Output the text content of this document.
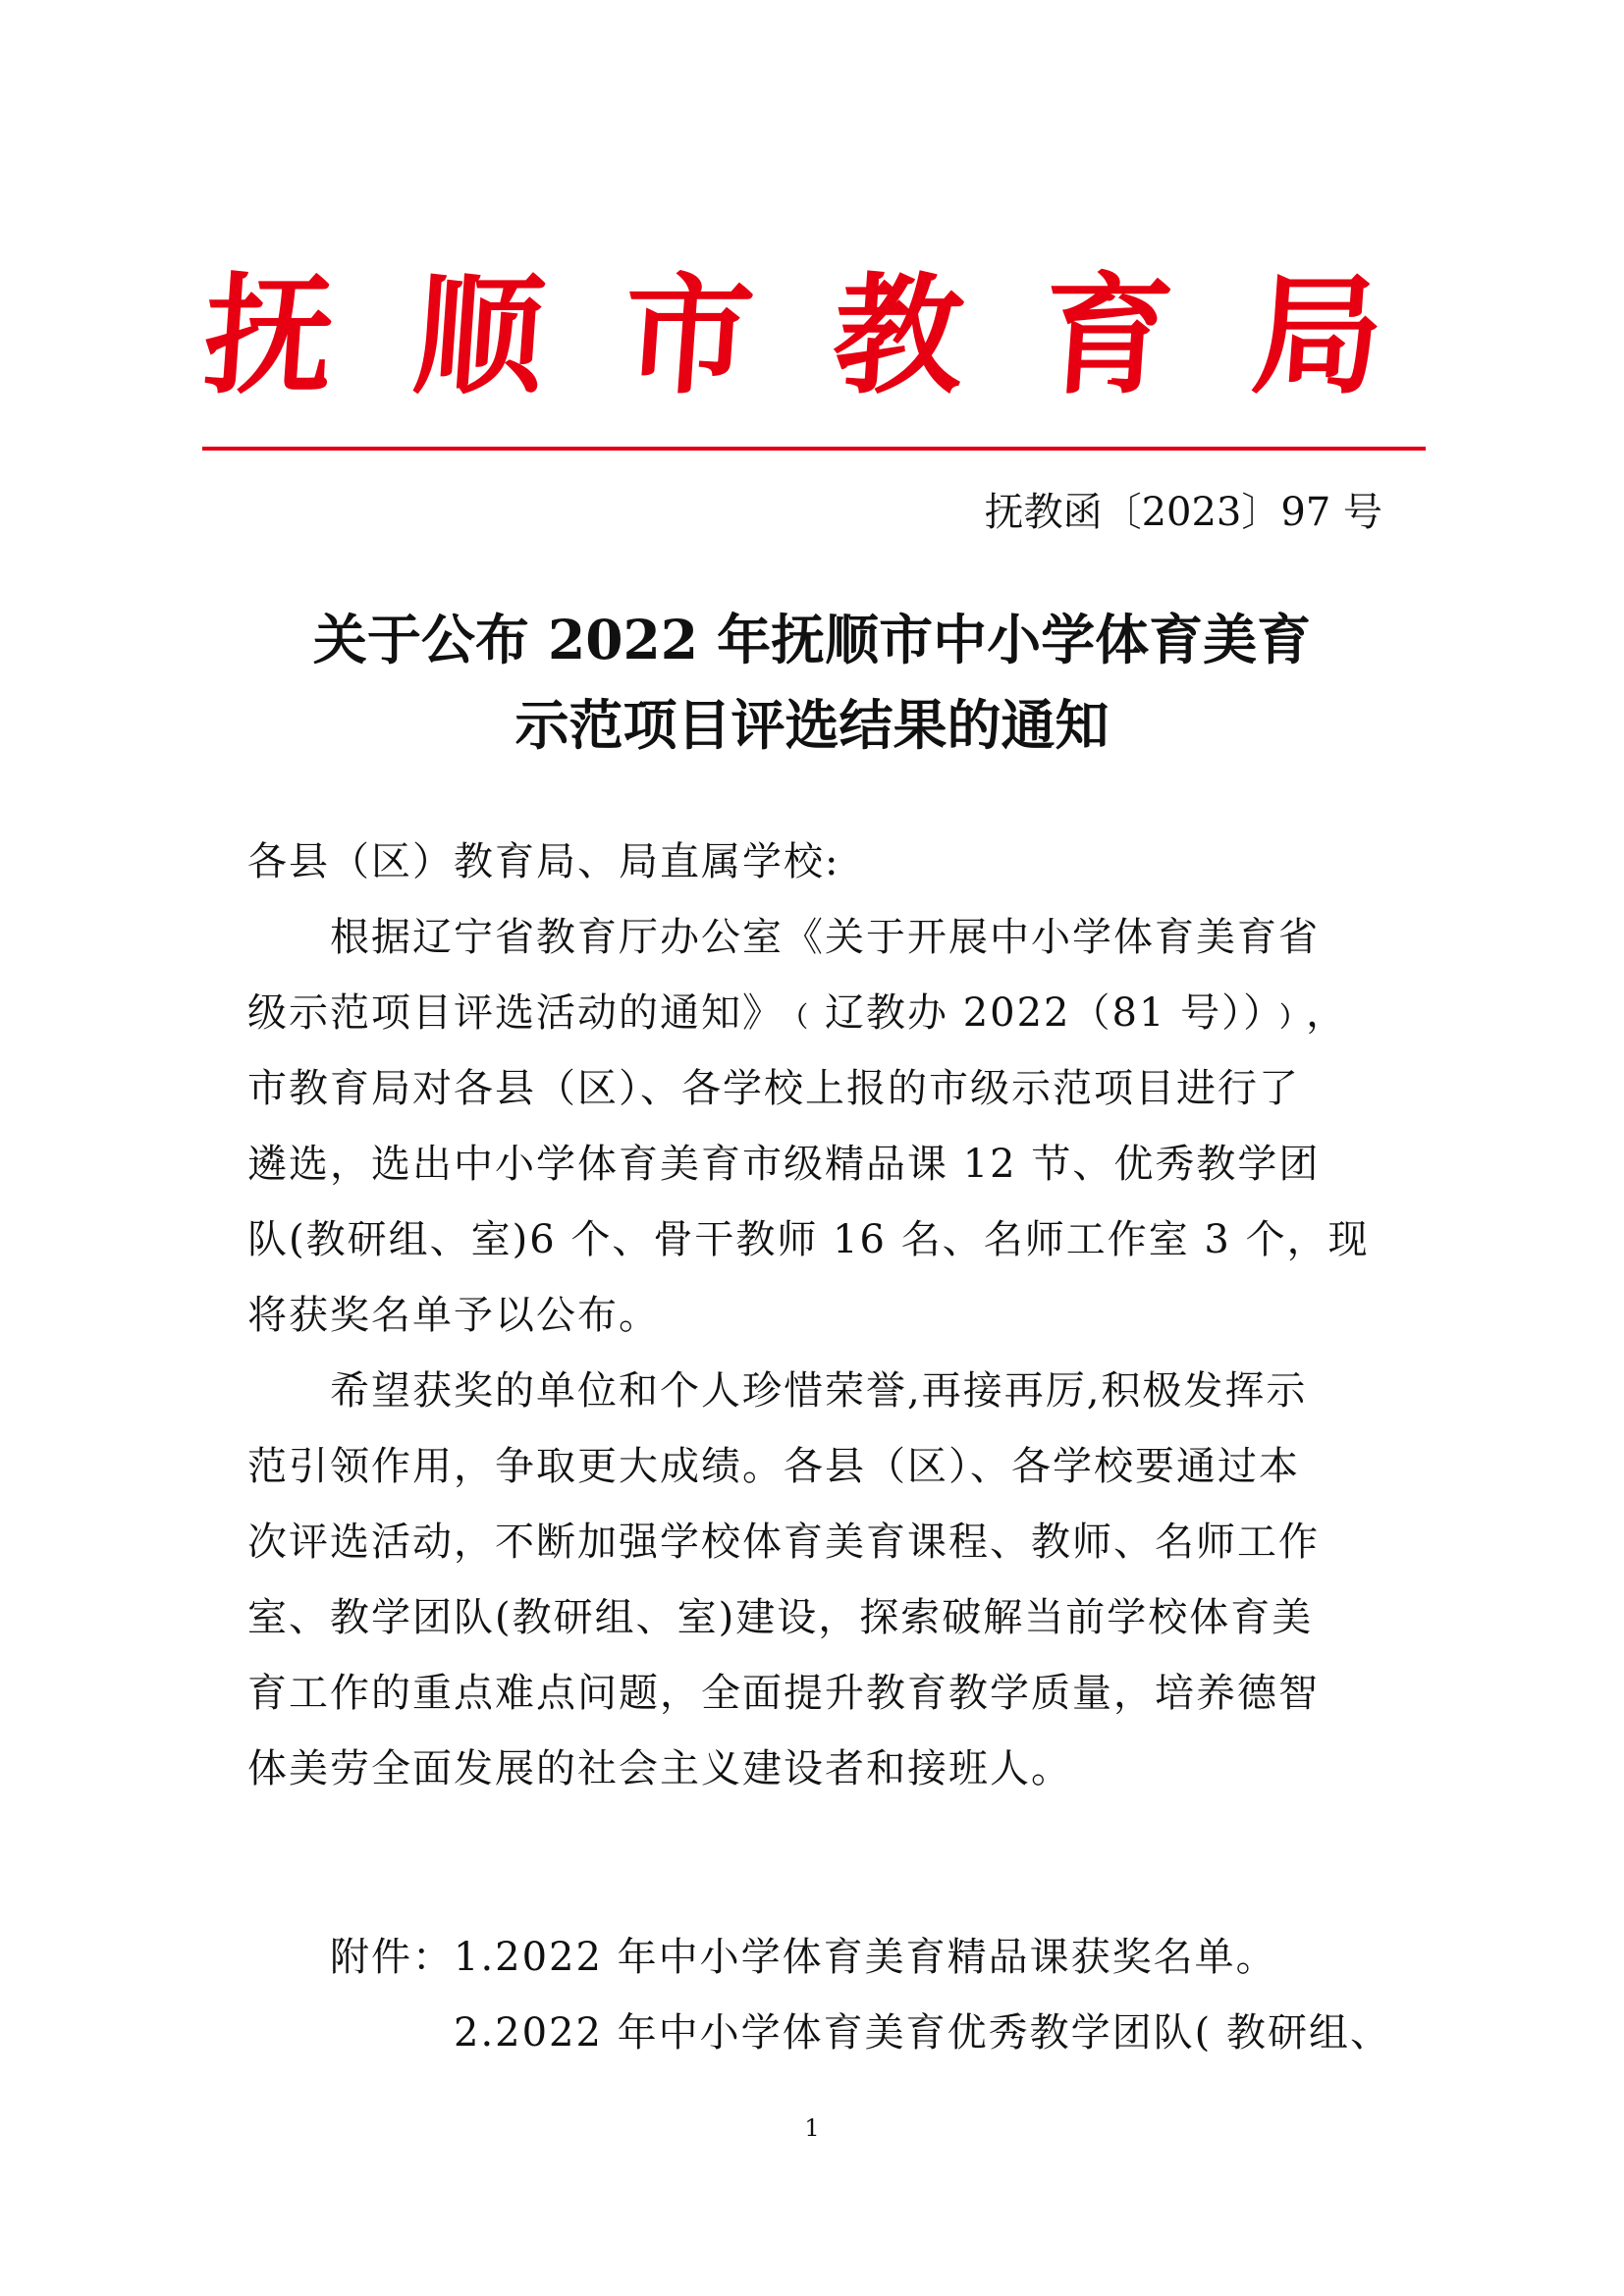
抚 顺 市 教 育 局
抚教函〔2023〕97 号
关于公布 2022 年抚顺市中小学体育美育
示范项目评选结果的通知
各县（区）教育局、局直属学校:
　　根据辽宁省教育厅办公室《关于开展中小学体育美育省
级示范项目评选活动的通知》﹙辽教办 2022（81 号））﹚，
市教育局对各县（区）、各学校上报的市级示范项目进行了
遴选，选出中小学体育美育市级精品课 12 节、优秀教学团
队(教研组、室)6 个、骨干教师 16 名、名师工作室 3 个，现
将获奖名单予以公布。
　　希望获奖的单位和个人珍惜荣誉,再接再厉,积极发挥示
范引领作用，争取更大成绩。各县（区）、各学校要通过本
次评选活动，不断加强学校体育美育课程、教师、名师工作
室、教学团队(教研组、室)建设，探索破解当前学校体育美
育工作的重点难点问题，全面提升教育教学质量，培养德智
体美劳全面发展的社会主义建设者和接班人。
　　附件：1.2022 年中小学体育美育精品课获奖名单。
　　　　　2.2022 年中小学体育美育优秀教学团队( 教研组、
1
